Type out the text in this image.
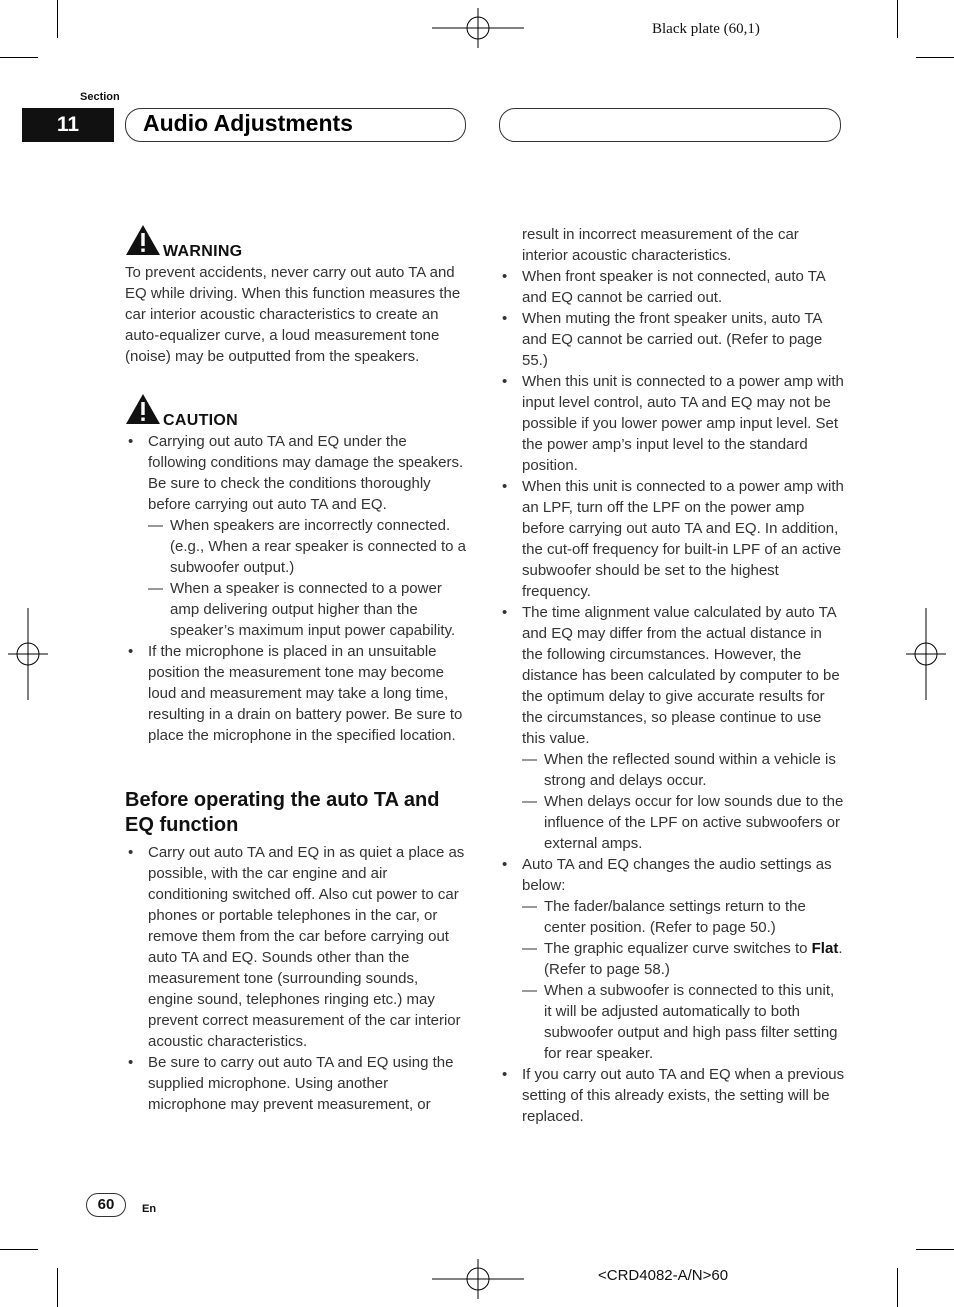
Black plate (60,1)
Section
11	Audio Adjustments
WARNING

To prevent accidents, never carry out auto TA and EQ while driving. When this function measures the car interior acoustic characteristics to create an auto-equalizer curve, a loud measurement tone (noise) may be outputted from the speakers.

CAUTION
• Carrying out auto TA and EQ under the following conditions may damage the speakers. Be sure to check the conditions thoroughly before carrying out auto TA and EQ.
— When speakers are incorrectly connected. (e.g., When a rear speaker is connected to a subwoofer output.)
— When a speaker is connected to a power amp delivering output higher than the speaker’s maximum input power capability.
• If the microphone is placed in an unsuitable position the measurement tone may become loud and measurement may take a long time, resulting in a drain on battery power. Be sure to place the microphone in the specified location.
Before operating the auto TA and EQ function
• Carry out auto TA and EQ in as quiet a place as possible, with the car engine and air conditioning switched off. Also cut power to car phones or portable telephones in the car, or remove them from the car before carrying out auto TA and EQ. Sounds other than the measurement tone (surrounding sounds, engine sound, telephones ringing etc.) may prevent correct measurement of the car interior acoustic characteristics.
• Be sure to carry out auto TA and EQ using the supplied microphone. Using another microphone may prevent measurement, or

result in incorrect measurement of the car interior acoustic characteristics.

• When front speaker is not connected, auto TA and EQ cannot be carried out.
• When muting the front speaker units, auto TA and EQ cannot be carried out. (Refer to page 55.)
• When this unit is connected to a power amp with input level control, auto TA and EQ may not be possible if you lower power amp input level. Set the power amp’s input level to the standard position.
• When this unit is connected to a power amp with an LPF, turn off the LPF on the power amp before carrying out auto TA and EQ. In addition, the cut-off frequency for built-in LPF of an active subwoofer should be set to the highest frequency.
• The time alignment value calculated by auto TA and EQ may differ from the actual distance in the following circumstances. However, the distance has been calculated by computer to be the optimum delay to give accurate results for the circumstances, so please continue to use this value.
— When the reflected sound within a vehicle is strong and delays occur.
— When delays occur for low sounds due to the influence of the LPF on active subwoofers or external amps.
• Auto TA and EQ changes the audio settings as below:
— The fader/balance settings return to the center position. (Refer to page 50.)
— The graphic equalizer curve switches to Flat. (Refer to page 58.)
— When a subwoofer is connected to this unit, it will be adjusted automatically to both subwoofer output and high pass filter setting for rear speaker.
• If you carry out auto TA and EQ when a previous setting of this already exists, the setting will be replaced.
60	En
<CRD4082-A/N>60
